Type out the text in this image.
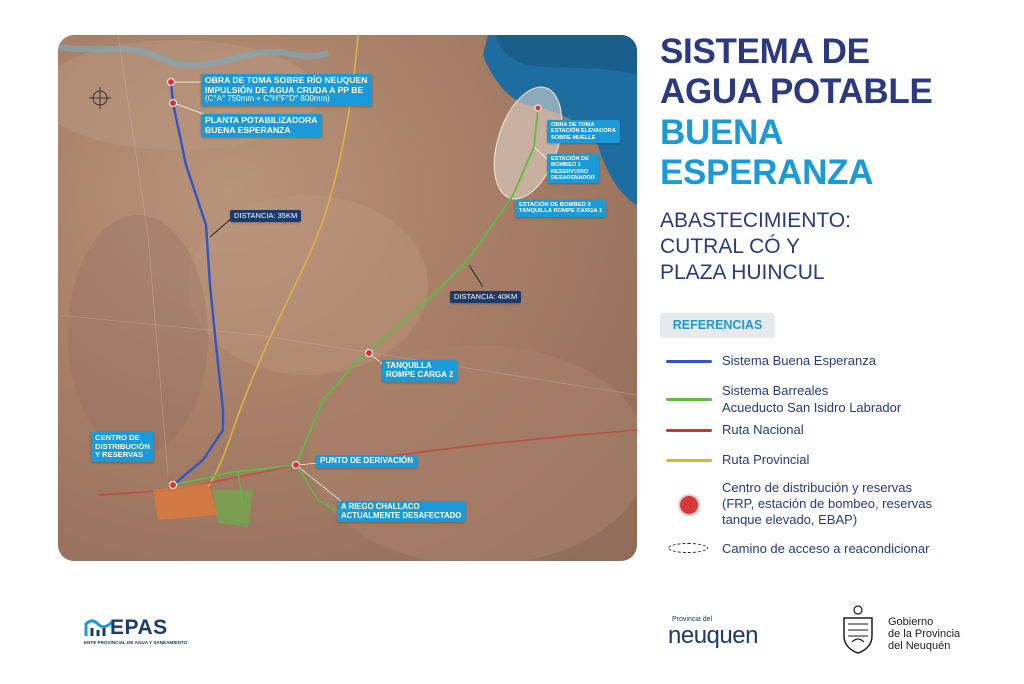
OBRA DE TOMA SOBRE RÍO NEUQUEN
IMPULSIÓN DE AGUA CRUDA A PP BE
(C°A° 750mm + C°H°F°D° 800mm)
PLANTA POTABILIZADORA
BUENA ESPERANZA
DISTANCIA: 35KM
DISTANCIA: 40KM
OBRA DE TOMA
ESTACIÓN ELEVADORA
SOBRE MUELLE
ESTACIÓN DE
BOMBEO 1
RESERVORIO
DESARENADOR
ESTACIÓN DE BOMBEO 2
TANQUILLA ROMPE CARGA 1
TANQUILLA
ROMPE CARGA 2
CENTRO DE
DISTRIBUCIÓN
Y RESERVAS
PUNTO DE DERIVACIÓN
A RIEGO CHALLACO
ACTUALMENTE DESAFECTADO
SISTEMA DE
AGUA POTABLE
BUENA
ESPERANZA
ABASTECIMIENTO:
CUTRAL CÓ Y
PLAZA HUINCUL
REFERENCIAS
Sistema Buena Esperanza
Sistema Barreales
Acueducto San Isidro Labrador
Ruta Nacional
Ruta Provincial
Centro de distribución y reservas
(FRP, estación de bombeo, reservas
tanque elevado, EBAP)
Camino de acceso a reacondicionar
EPAS
ENTE PROVINCIAL DE AGUA Y SANEAMIENTO
Provincia del
neuquen	Gobierno
de la Provincia
del Neuquén
